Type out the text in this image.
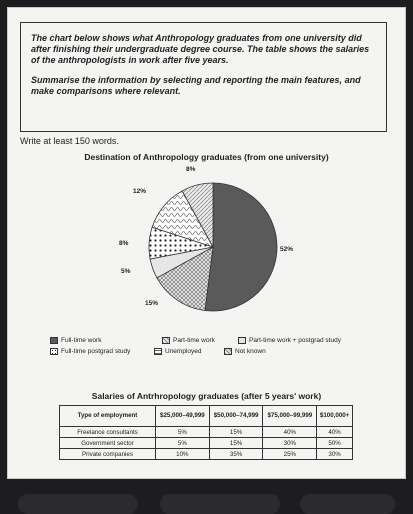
The chart below shows what Anthropology graduates from one university did after finishing their undergraduate degree course. The table shows the salaries of the anthropologists in work after five years.

Summarise the information by selecting and reporting the main features, and make comparisons where relevant.

Write at least 150 words.
Destination of Anthropology graduates (from one university)
8%
12%
8%
5%
15%
52%
Full-time work	Part-time work	Part-time work + postgrad study
Full-time postgrad study	Unemployed	Not known
Salaries of Antrhropology graduates (after 5 years' work)
Type of employment	$25,000–49,999	$50,000–74,999	$75,000–99,999	$100,000+
Freelance consultants	5%	15%	40%	40%
Government sector	5%	15%	30%	50%
Private companies	10%	35%	25%	30%
